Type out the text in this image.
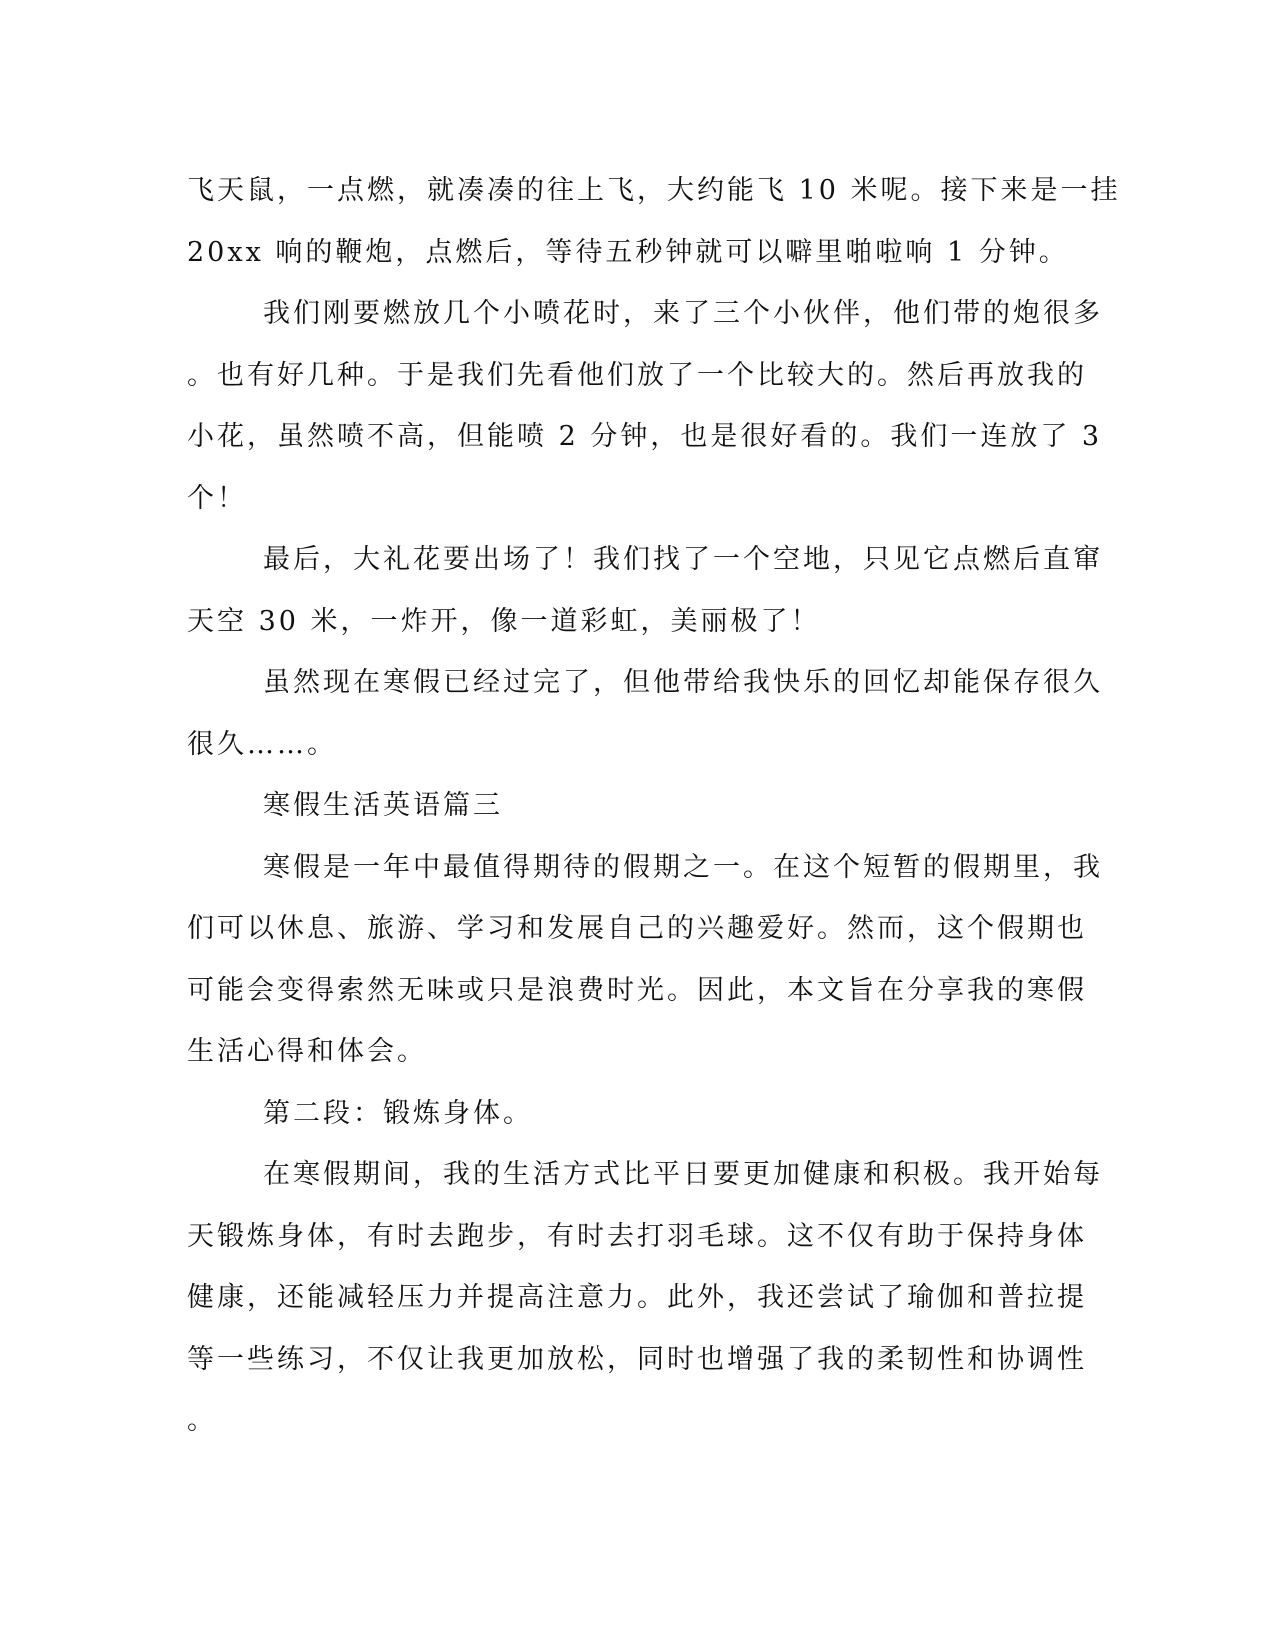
飞天鼠，一点燃，就凑凑的往上飞，大约能飞 10 米呢。接下来是一挂
20xx 响的鞭炮，点燃后，等待五秒钟就可以噼里啪啦响 1 分钟。
我们刚要燃放几个小喷花时，来了三个小伙伴，他们带的炮很多
。也有好几种。于是我们先看他们放了一个比较大的。然后再放我的
小花，虽然喷不高，但能喷 2 分钟，也是很好看的。我们一连放了 3
个！
最后，大礼花要出场了！我们找了一个空地，只见它点燃后直窜
天空 30 米，一炸开，像一道彩虹，美丽极了！
虽然现在寒假已经过完了，但他带给我快乐的回忆却能保存很久
很久……。
寒假生活英语篇三
寒假是一年中最值得期待的假期之一。在这个短暂的假期里，我
们可以休息、旅游、学习和发展自己的兴趣爱好。然而，这个假期也
可能会变得索然无味或只是浪费时光。因此，本文旨在分享我的寒假
生活心得和体会。
第二段：锻炼身体。
在寒假期间，我的生活方式比平日要更加健康和积极。我开始每
天锻炼身体，有时去跑步，有时去打羽毛球。这不仅有助于保持身体
健康，还能减轻压力并提高注意力。此外，我还尝试了瑜伽和普拉提
等一些练习，不仅让我更加放松，同时也增强了我的柔韧性和协调性
。
